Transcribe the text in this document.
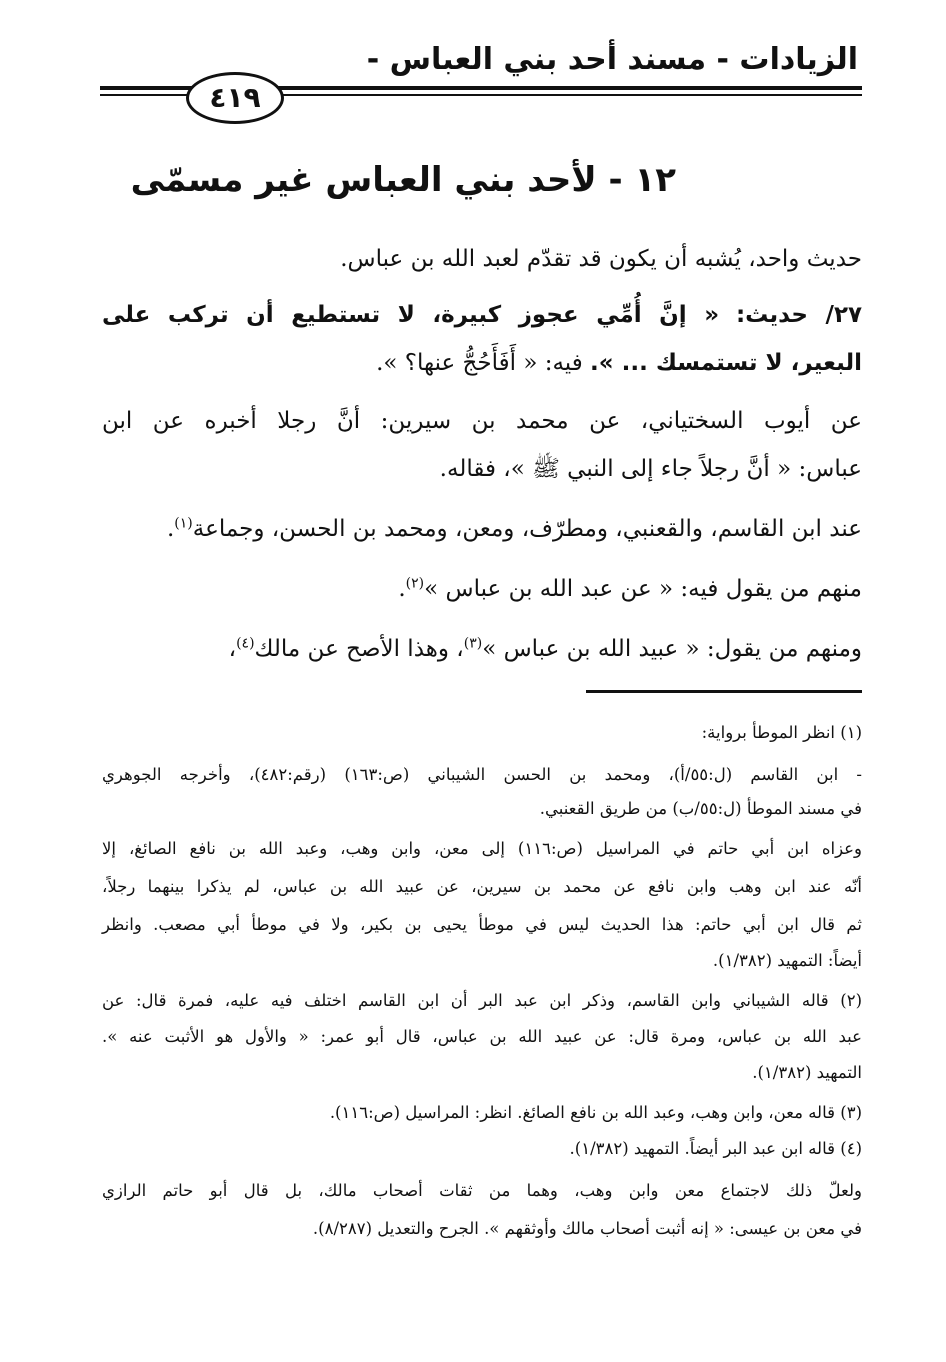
الزيادات - مسند أحد بني العباس -
٤١٩
١٢ - لأحد بني العباس غير مسمّى
حديث واحد، يُشبه أن يكون قد تقدّم لعبد الله بن عباس.
٢٧/ حديث: « إنَّ أُمِّي عجوز كبيرة، لا تستطيع أن تركب على
البعير، لا تستمسك ... ». فيه: « أَفَأَحُجُّ عنها؟ ».
عن أيوب السختياني، عن محمد بن سيرين: أنَّ رجلا أخبره عن ابن
عباس: « أنَّ رجلاً جاء إلى النبي ﷺ »، فقاله.
عند ابن القاسم، والقعنبي، ومطرّف، ومعن، ومحمد بن الحسن، وجماعة$^{(١)}$.
منهم من يقول فيه: « عن عبد الله بن عباس »$^{(٢)}$.
ومنهم من يقول: « عبيد الله بن عباس »$^{(٣)}$، وهذا الأصح عن مالك$^{(٤)}$،
(١) انظر الموطأ برواية:
- ابن القاسم (ل:٥٥/أ)، ومحمد بن الحسن الشيباني (ص:١٦٣) (رقم:٤٨٢)، وأخرجه الجوهري
في مسند الموطأ (ل:٥٥/ب) من طريق القعنبي.
وعزاه ابن أبي حاتم في المراسيل (ص:١١٦) إلى معن، وابن وهب، وعبد الله بن نافع الصائغ، إلا
أنّه عند ابن وهب وابن نافع عن محمد بن سيرين، عن عبيد الله بن عباس، لم يذكرا بينهما رجلاً،
ثم قال ابن أبي حاتم: هذا الحديث ليس في موطأ يحيى بن بكير، ولا في موطأ أبي مصعب. وانظر
أيضاً: التمهيد (١/٣٨٢).
(٢) قاله الشيباني وابن القاسم، وذكر ابن عبد البر أن ابن القاسم اختلف فيه عليه، فمرة قال: عن
عبد الله بن عباس، ومرة قال: عن عبيد الله بن عباس، قال أبو عمر: « والأول هو الأثبت عنه ».
التمهيد (١/٣٨٢).
(٣) قاله معن، وابن وهب، وعبد الله بن نافع الصائغ. انظر: المراسيل (ص:١١٦).
(٤) قاله ابن عبد البر أيضاً. التمهيد (١/٣٨٢).
ولعلّ ذلك لاجتماع معن وابن وهب، وهما من ثقات أصحاب مالك، بل قال أبو حاتم الرازي
في معن بن عيسى: « إنه أثبت أصحاب مالك وأوثقهم ». الجرح والتعديل (٨/٢٨٧).
